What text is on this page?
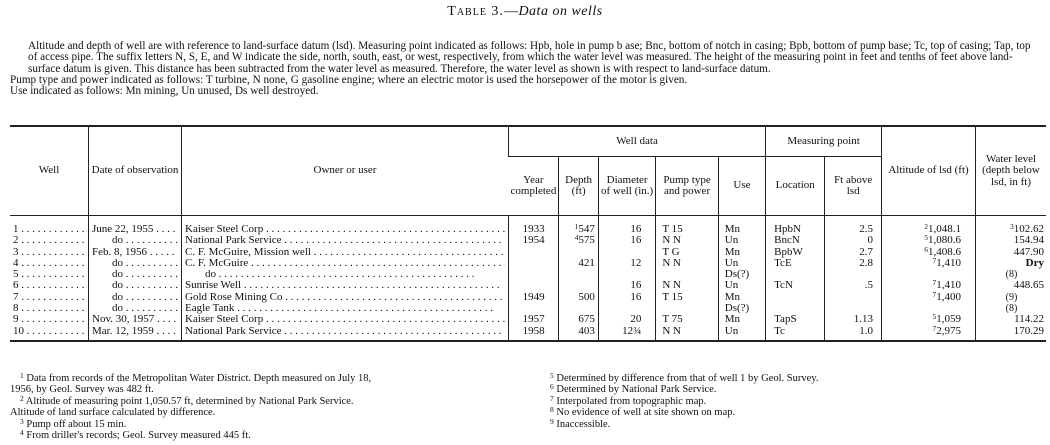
Table 3.—Data on wells

Altitude and depth of well are with reference to land-surface datum (lsd). Measuring point indicated as follows: Hpb, hole in pump b ase; Bnc, bottom of notch in casing; Bpb, bottom of pump base; Tc, top of casing; Tap, top of access pipe. The suffix letters N, S, E, and W indicate the side, north, south, east, or west, respectively, from which the water level was measured. The height of the measuring point in feet and tenths of feet above land-surface datum is given. This distance has been subtracted from the water level as measured. Therefore, the water level as shown is with respect to land-surface datum.

Pump type and power indicated as follows: T turbine, N none, G gasoline engine; where an electric motor is used the horsepower of the motor is given.

Use indicated as follows: Mn mining, Un unused, Ds well destroyed.

Well	Date of observation	Owner or user	Well data					Measuring point		Altitude of lsd (ft)	Water level (depth below lsd, in ft)
			Year completed	Depth (ft)	Diameter of well (in.)	Pump type and power	Use	Location	Ft above lsd		
1 . . .	June 22, 1955 . . .	Kaiser Steel Corp . . .	1933	$^1$547	16	T 15	Mn	HpbN	2.5	$^2$1,048.1	$^3$102.62
2 . . .	do . . .	National Park Service . . .	1954	$^4$575	16	N N	Un	BncN	0	$^5$1,080.6	154.94
3 . . .	Feb. 8, 1956 . . .	C. F. McGuire, Mission well . . .				T G	Mn	BpbW	2.7	$^6$1,408.6	447.90
4 . . .	do . . .	C. F. McGuire . . .		421	12	N N	Un	TcE	2.8	$^7$1,410	Dry
5 . . .	do . . .	do . . .					Ds(?)				(8)
6 . . .	do . . .	Sunrise Well . . .			16	N N	Un	TcN	.5	$^7$1,410	448.65
7 . . .	do . . .	Gold Rose Mining Co . . .	1949	500	16	T 15	Mn			$^7$1,400	(9)
8 . . .	do . . .	Eagle Tank . . .					Ds(?)				(8)
9 . . .	Nov. 30, 1957 . . .	Kaiser Steel Corp . . .	1957	675	20	T 75	Mn	TapS	1.13	$^5$1,059	114.22
10 . . .	Mar. 12, 1959 . . .	National Park Service . . .	1958	403	12¾	N N	Un	Tc	1.0	$^7$2,975	170.29

$^1$ Data from records of the Metropolitan Water District. Depth measured on July 18,

1956, by Geol. Survey was 482 ft.

$^2$ Altitude of measuring point 1,050.57 ft, determined by National Park Service.

Altitude of land surface calculated by difference.

$^3$ Pump off about 15 min.

$^4$ From driller's records; Geol. Survey measured 445 ft.

$^5$ Determined by difference from that of well 1 by Geol. Survey.

$^6$ Determined by National Park Service.

$^7$ Interpolated from topographic map.

$^8$ No evidence of well at site shown on map.

$^9$ Inaccessible.
